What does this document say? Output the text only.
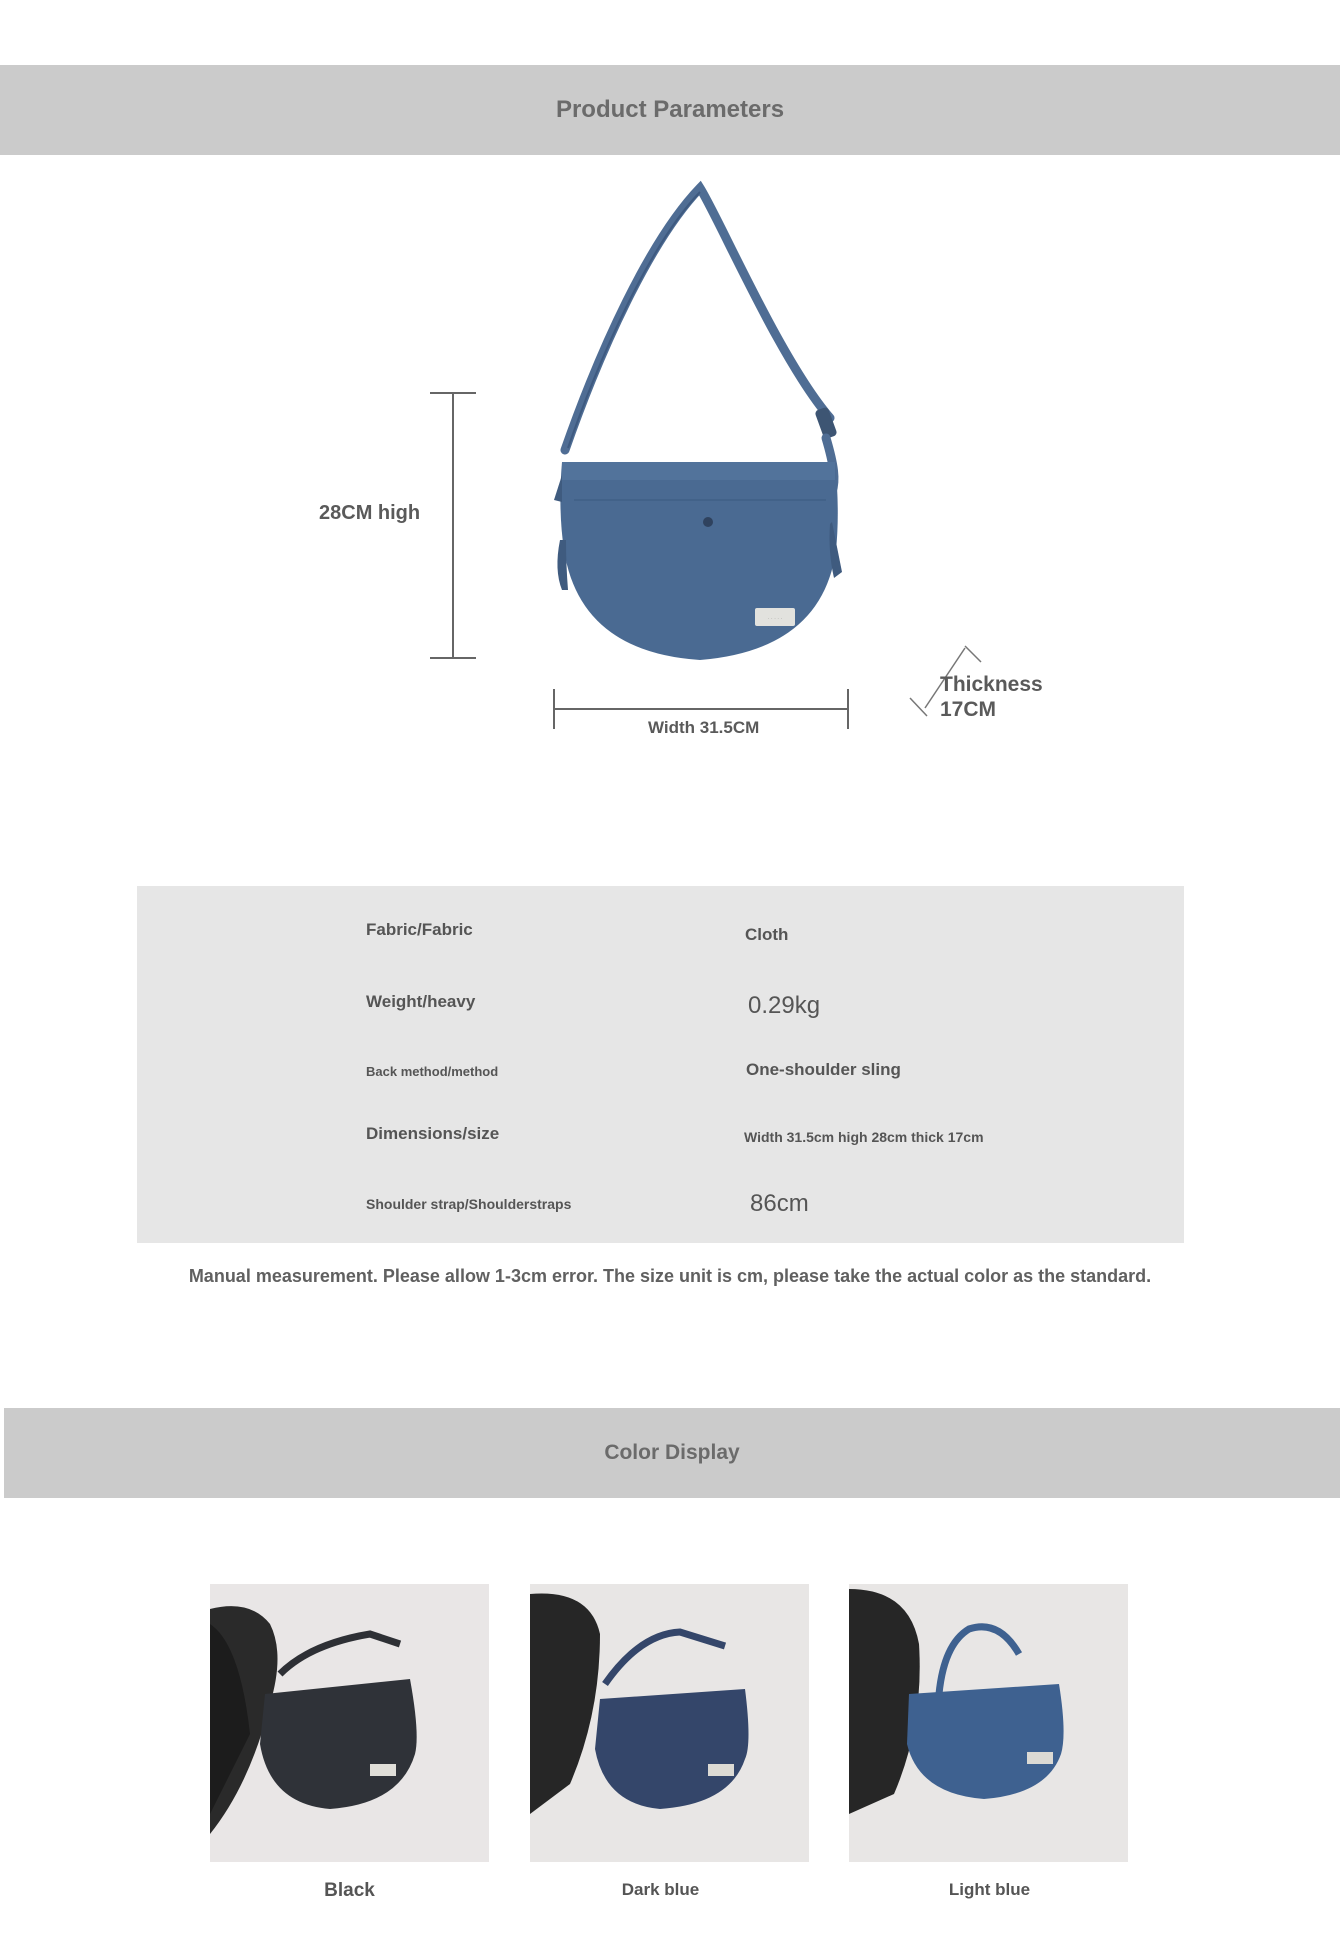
Product Parameters
· · · · ·
28CM high
Width 31.5CM
Thickness
17CM
Fabric/Fabric	Cloth
Weight/heavy	0.29kg
Back method/method	One-shoulder sling
Dimensions/size	Width 31.5cm high 28cm thick 17cm
Shoulder strap/Shoulderstraps	86cm
Manual measurement. Please allow 1-3cm error. The size unit is cm, please take the actual color as the standard.
Color Display
Black	Dark blue	Light blue
